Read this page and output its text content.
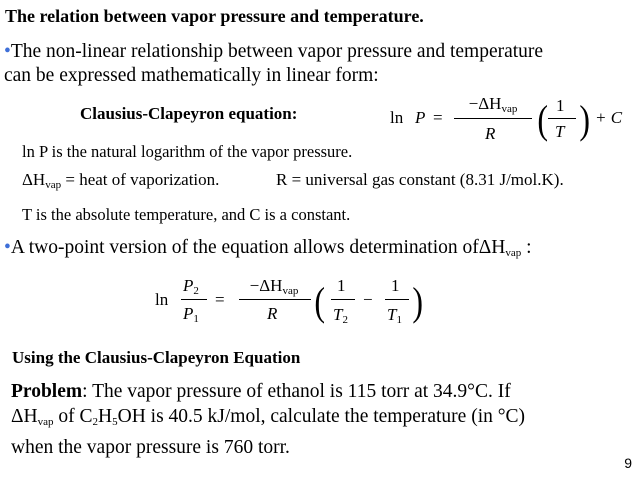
The relation between vapor pressure and temperature.
•The non-linear relationship between vapor pressure and temperature
can be expressed mathematically in linear form:
Clausius-Clapeyron equation:	ln P =
$-\Delta H_{vap}$
R ( 1
T ) + C
ln P is the natural logarithm of the vapor pressure.
$\Delta H_{vap}$ = heat of vaporization.	R = universal gas constant (8.31 J/mol.K).
T is the absolute temperature, and C is a constant.
•A two-point version of the equation allows determination ofΔH$_{vap}$ :
ln
$P_2$
$P_1$
=
$-\Delta H_{vap}$
R ( 1
$T_2$
−
1
$T_1$ )
Using the Clausius-Clapeyron Equation
Problem: The vapor pressure of ethanol is 115 torr at 34.9°C. If
$\Delta H_{vap}$ of $C_2H_5OH$ is 40.5 kJ/mol, calculate the temperature (in °C)
when the vapor pressure is 760 torr.
9
